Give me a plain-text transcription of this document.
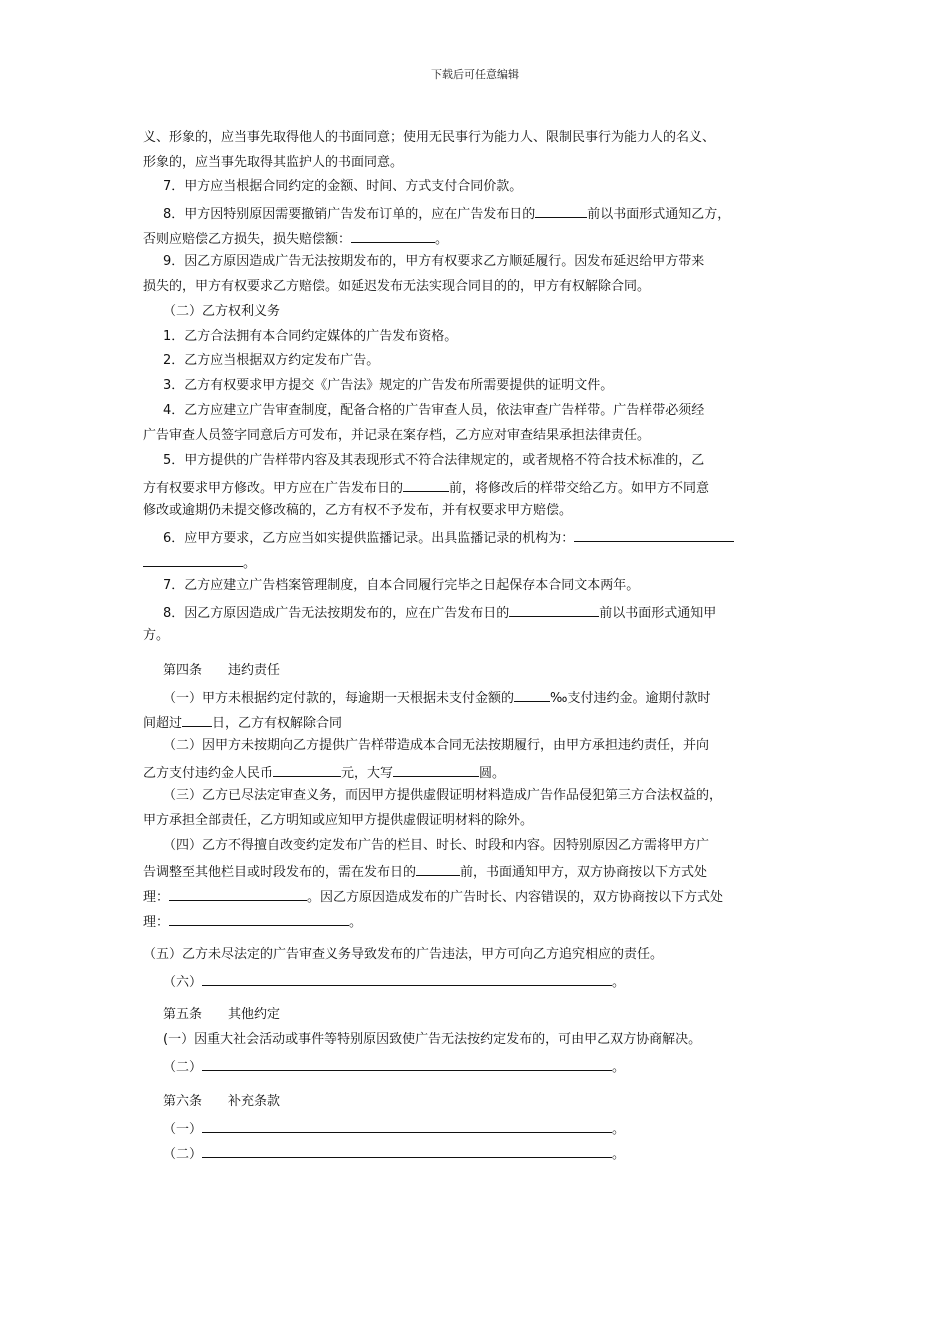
下载后可任意编辑
义、形象的，应当事先取得他人的书面同意；使用无民事行为能力人、限制民事行为能力人的名义、
形象的，应当事先取得其监护人的书面同意。
7．甲方应当根据合同约定的金额、时间、方式支付合同价款。
8．甲方因特别原因需要撤销广告发布订单的，应在广告发布日的	前以书面形式通知乙方，
否则应赔偿乙方损失，损失赔偿额：	。
9．因乙方原因造成广告无法按期发布的，甲方有权要求乙方顺延履行。因发布延迟给甲方带来
损失的，甲方有权要求乙方赔偿。如延迟发布无法实现合同目的的，甲方有权解除合同。
（二）乙方权利义务
1．乙方合法拥有本合同约定媒体的广告发布资格。
2．乙方应当根据双方约定发布广告。
3．乙方有权要求甲方提交《广告法》规定的广告发布所需要提供的证明文件。
4．乙方应建立广告审查制度，配备合格的广告审查人员，依法审查广告样带。广告样带必须经
广告审查人员签字同意后方可发布，并记录在案存档，乙方应对审查结果承担法律责任。
5．甲方提供的广告样带内容及其表现形式不符合法律规定的，或者规格不符合技术标准的，乙
方有权要求甲方修改。甲方应在广告发布日的	前，将修改后的样带交给乙方。如甲方不同意
修改或逾期仍未提交修改稿的，乙方有权不予发布，并有权要求甲方赔偿。
6．应甲方要求，乙方应当如实提供监播记录。出具监播记录的机构为：
。
7．乙方应建立广告档案管理制度，自本合同履行完毕之日起保存本合同文本两年。
8．因乙方原因造成广告无法按期发布的，应在广告发布日的	前以书面形式通知甲
方。
第四条 违约责任
（一）甲方未根据约定付款的，每逾期一天根据未支付金额的	‰支付违约金。逾期付款时
间超过 日，乙方有权解除合同
（二）因甲方未按期向乙方提供广告样带造成本合同无法按期履行，由甲方承担违约责任，并向
乙方支付违约金人民币	元，大写	圆。
（三）乙方已尽法定审查义务，而因甲方提供虚假证明材料造成广告作品侵犯第三方合法权益的，
甲方承担全部责任，乙方明知或应知甲方提供虚假证明材料的除外。
（四）乙方不得擅自改变约定发布广告的栏目、时长、时段和内容。因特别原因乙方需将甲方广
告调整至其他栏目或时段发布的，需在发布日的	前，书面通知甲方，双方协商按以下方式处
理：	。因乙方原因造成发布的广告时长、内容错误的，双方协商按以下方式处
理：	。
（五）乙方未尽法定的广告审查义务导致发布的广告违法，甲方可向乙方追究相应的责任。
（六）	。
第五条 其他约定
(一）因重大社会活动或事件等特别原因致使广告无法按约定发布的，可由甲乙双方协商解决。
（二）	。
第六条 补充条款
（一）	。
（二）	。
